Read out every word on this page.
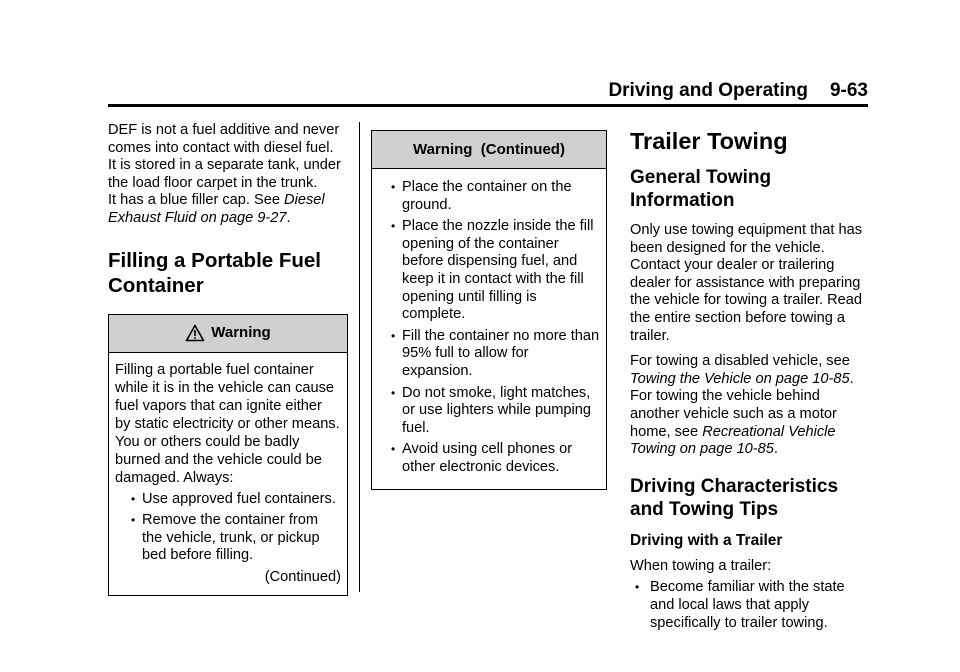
Driving and Operating 9-63

DEF is not a fuel additive and never
comes into contact with diesel fuel.
It is stored in a separate tank, under
the load floor carpet in the trunk.
It has a blue filler cap. See Diesel Exhaust Fluid on page 9-27.

Filling a Portable Fuel Container
Warning

Filling a portable fuel container while it is in the vehicle can cause fuel vapors that can ignite either by static electricity or other means. You or others could be badly burned and the vehicle could be damaged. Always:

• Use approved fuel containers.
• Remove the container from the vehicle, trunk, or pickup bed before filling.
(Continued)
Warning  (Continued)
• Place the container on the ground.
• Place the nozzle inside the fill opening of the container before dispensing fuel, and keep it in contact with the fill opening until filling is complete.
• Fill the container no more than 95% full to allow for expansion.
• Do not smoke, light matches, or use lighters while pumping fuel.
• Avoid using cell phones or other electronic devices.
Trailer Towing
General Towing Information

Only use towing equipment that has been designed for the vehicle. Contact your dealer or trailering dealer for assistance with preparing the vehicle for towing a trailer. Read the entire section before towing a trailer.

For towing a disabled vehicle, see Towing the Vehicle on page 10-85. For towing the vehicle behind another vehicle such as a motor home, see Recreational Vehicle Towing on page 10-85.

Driving Characteristics and Towing Tips
Driving with a Trailer

When towing a trailer:

• Become familiar with the state and local laws that apply specifically to trailer towing.
